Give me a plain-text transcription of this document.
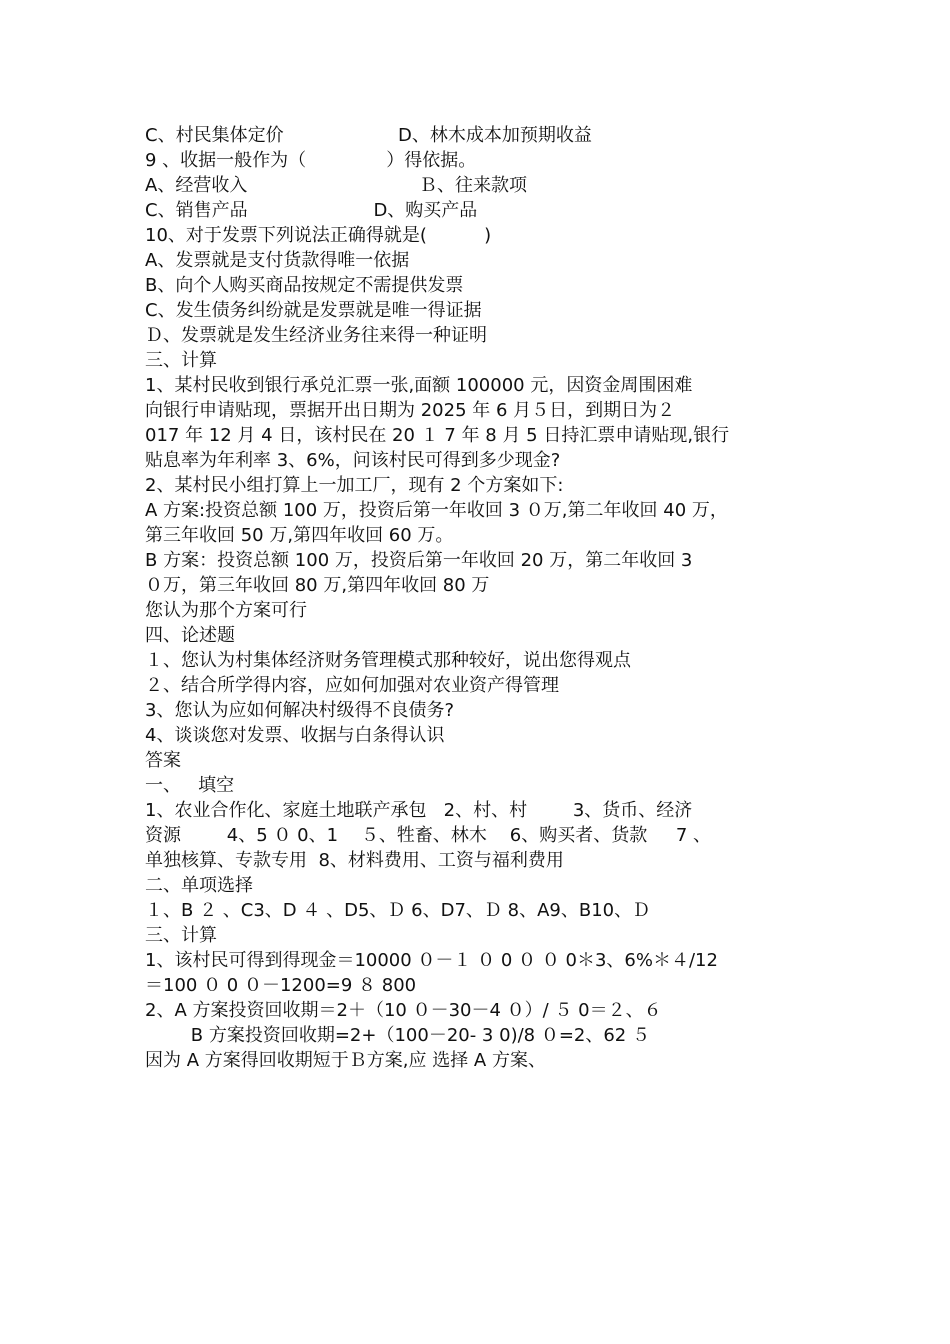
C、村民集体定价                    D、林木成本加预期收益

9 、收据一般作为（              ）得依据。

A、经营收入                              Ｂ、往来款项

C、销售产品                      D、购买产品

10、对于发票下列说法正确得就是(          )

A、发票就是支付货款得唯一依据

B、向个人购买商品按规定不需提供发票

C、发生债务纠纷就是发票就是唯一得证据

Ｄ、发票就是发生经济业务往来得一种证明

三、计算

1、某村民收到银行承兑汇票一张,面额 100000 元，因资金周围困难

向银行申请贴现，票据开出日期为 2025 年 6 月５日，到期日为２

017 年 12 月 4 日，该村民在 20 １ 7 年 8 月 5 日持汇票申请贴现,银行

贴息率为年利率 3、6%，问该村民可得到多少现金?

2、某村民小组打算上一加工厂，现有 2 个方案如下:

A 方案:投资总额 100 万，投资后第一年收回 3 ０万,第二年收回 40 万，

第三年收回 50 万,第四年收回 60 万。

B 方案：投资总额 100 万，投资后第一年收回 20 万，第二年收回 3

０万，第三年收回 80 万,第四年收回 80 万

您认为那个方案可行

四、论述题

１、您认为村集体经济财务管理模式那种较好，说出您得观点

２、结合所学得内容，应如何加强对农业资产得管理

3、您认为应如何解决村级得不良债务?

4、谈谈您对发票、收据与白条得认识

答案

一、   填空

1、农业合作化、家庭土地联产承包   2、村、村        3、货币、经济

资源        4、5 ０ 0、1    ５、牲畜、林木    6、购买者、货款     7 、

单独核算、专款专用  8、材料费用、工资与福利费用

二、单项选择

１、B ２ 、C3、D ４ 、D5、Ｄ 6、D7、Ｄ 8、A9、B10、Ｄ

三、计算

1、该村民可得到得现金＝10000 ０－１ ０ 0 ０ ０ 0＊3、6%＊４/12

＝100 ０ 0 ０－1200=9 ８ 800

2、A 方案投资回收期＝2＋（10 ０－30－4 ０）/ ５ 0＝２、６

B 方案投资回收期=2+（100－20- 3 0)/8 ０=2、62 ５

因为 A 方案得回收期短于Ｂ方案,应 选择 A 方案、
